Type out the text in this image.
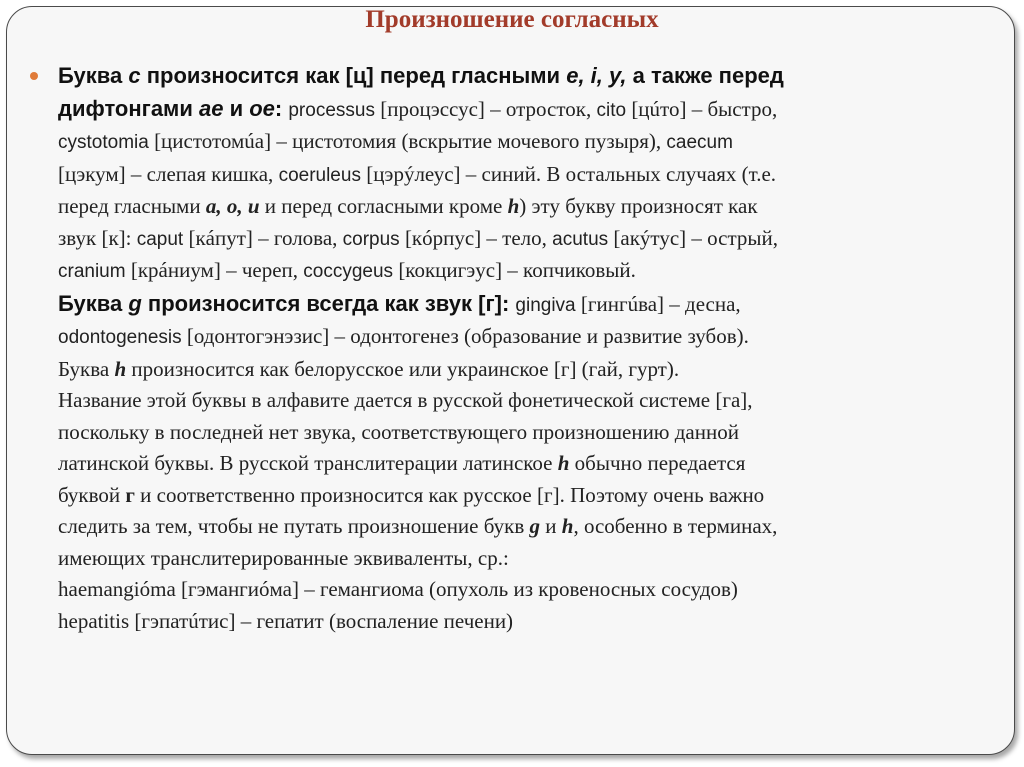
Произношение согласных

Буква c произносится как [ц] перед гласными e, i, y, а также перед
дифтонгами ae и oe: processus [процэссус] – отросток, cito [цúто] – быстро,
cystotomia [цистотомúа] – цистотомия (вскрытие мочевого пузыря), caecum
[цэкум] – слепая кишка, coeruleus [цэрýлеус] – синий. В остальных случаях (т.е.
перед гласными a, o, u и перед согласными кроме h) эту букву произносят как
звук [к]: caput [кáпут] – голова, corpus [кóрпус] – тело, acutus [акýтус] – острый,
cranium [крáниум] – череп, coccygeus [кокцигэус] – копчиковый.

Буква g произносится всегда как звук [г]: gingiva [гингúва] – десна,
odontogenesis [одонтогэнэзис] – одонтогенез (образование и развитие зубов).
Буква h произносится как белорусское или украинское [г] (гай, гурт).
Название этой буквы в алфавите дается в русской фонетической системе [га],
поскольку в последней нет звука, соответствующего произношению данной
латинской буквы. В русской транслитерации латинское h обычно передается
буквой г и соответственно произносится как русское [г]. Поэтому очень важно
следить за тем, чтобы не путать произношение букв g и h, особенно в терминах,
имеющих транслитерированные эквиваленты, ср.:
haemangióma [гэмангиóма] – гемангиома (опухоль из кровеносных сосудов)
hepatitis [гэпатúтис] – гепатит (воспаление печени)
